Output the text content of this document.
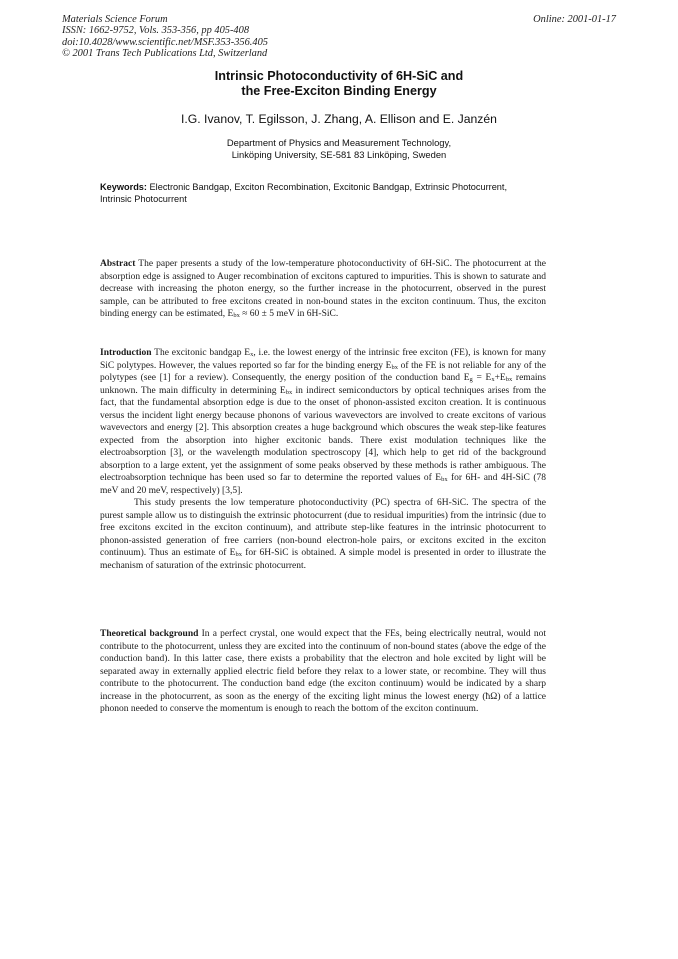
Materials Science Forum
ISSN: 1662-9752, Vols. 353-356, pp 405-408
doi:10.4028/www.scientific.net/MSF.353-356.405
© 2001 Trans Tech Publications Ltd, Switzerland
Online: 2001-01-17
Intrinsic Photoconductivity of 6H-SiC and
the Free-Exciton Binding Energy
I.G. Ivanov, T. Egilsson, J. Zhang, A. Ellison and E. Janzén
Department of Physics and Measurement Technology,
Linköping University, SE-581 83 Linköping, Sweden
Keywords: Electronic Bandgap, Exciton Recombination, Excitonic Bandgap, Extrinsic Photocurrent, Intrinsic Photocurrent

Abstract The paper presents a study of the low-temperature photoconductivity of 6H-SiC. The photocurrent at the absorption edge is assigned to Auger recombination of excitons captured to impurities. This is shown to saturate and decrease with increasing the photon energy, so the further increase in the photocurrent, observed in the purest sample, can be attributed to free excitons created in non-bound states in the exciton continuum. Thus, the exciton binding energy can be estimated, $E_{bx} \approx 60 \pm 5$ meV in 6H-SiC.

Introduction The excitonic bandgap $E_x$, i.e. the lowest energy of the intrinsic free exciton (FE), is known for many SiC polytypes. However, the values reported so far for the binding energy $E_{bx}$ of the FE is not reliable for any of the polytypes (see [1] for a review). Consequently, the energy position of the conduction band $E_g = E_x+E_{bx}$ remains unknown. The main difficulty in determining $E_{bx}$ in indirect semiconductors by optical techniques arises from the fact, that the fundamental absorption edge is due to the onset of phonon-assisted exciton creation. It is continuous versus the incident light energy because phonons of various wavevectors are involved to create excitons of various wavevectors and energy [2]. This absorption creates a huge background which obscures the weak step-like features expected from the absorption into higher excitonic bands. There exist modulation techniques like the electroabsorption [3], or the wavelength modulation spectroscopy [4], which help to get rid of the background absorption to a large extent, yet the assignment of some peaks observed by these methods is rather ambiguous. The electroabsorption technique has been used so far to determine the reported values of $E_{bx}$ for 6H- and 4H-SiC (78 meV and 20 meV, respectively) [3,5].

This study presents the low temperature photoconductivity (PC) spectra of 6H-SiC. The spectra of the purest sample allow us to distinguish the extrinsic photocurrent (due to residual impurities) from the intrinsic (due to free excitons excited in the exciton continuum), and attribute step-like features in the intrinsic photocurrent to phonon-assisted generation of free carriers (non-bound electron-hole pairs, or excitons excited in the exciton continuum). Thus an estimate of $E_{bx}$ for 6H-SiC is obtained. A simple model is presented in order to illustrate the mechanism of saturation of the extrinsic photocurrent.

Theoretical background In a perfect crystal, one would expect that the FEs, being electrically neutral, would not contribute to the photocurrent, unless they are excited into the continuum of non-bound states (above the edge of the conduction band). In this latter case, there exists a probability that the electron and hole excited by light will be separated away in externally applied electric field before they relax to a lower state, or recombine. They will thus contribute to the photocurrent. The conduction band edge (the exciton continuum) would be indicated by a sharp increase in the photocurrent, as soon as the energy of the exciting light minus the lowest energy (ħΩ) of a lattice phonon needed to conserve the momentum is enough to reach the bottom of the exciton continuum.
